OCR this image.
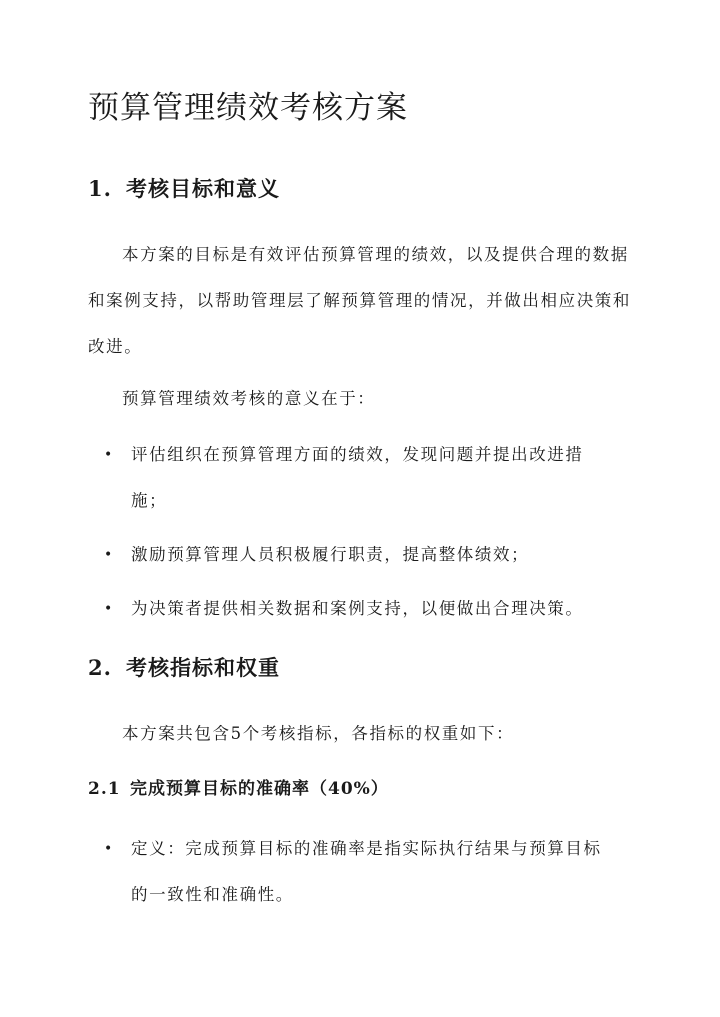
预算管理绩效考核方案
1. 考核目标和意义

本方案的目标是有效评估预算管理的绩效，以及提供合理的数据和案例支持，以帮助管理层了解预算管理的情况，并做出相应决策和改进。

预算管理绩效考核的意义在于：

•	评估组织在预算管理方面的绩效，发现问题并提出改进措施；
•	激励预算管理人员积极履行职责，提高整体绩效；
•	为决策者提供相关数据和案例支持，以便做出合理决策。
2. 考核指标和权重

本方案共包含5个考核指标，各指标的权重如下：

2.1 完成预算目标的准确率（40%）
•	定义：完成预算目标的准确率是指实际执行结果与预算目标的一致性和准确性。
